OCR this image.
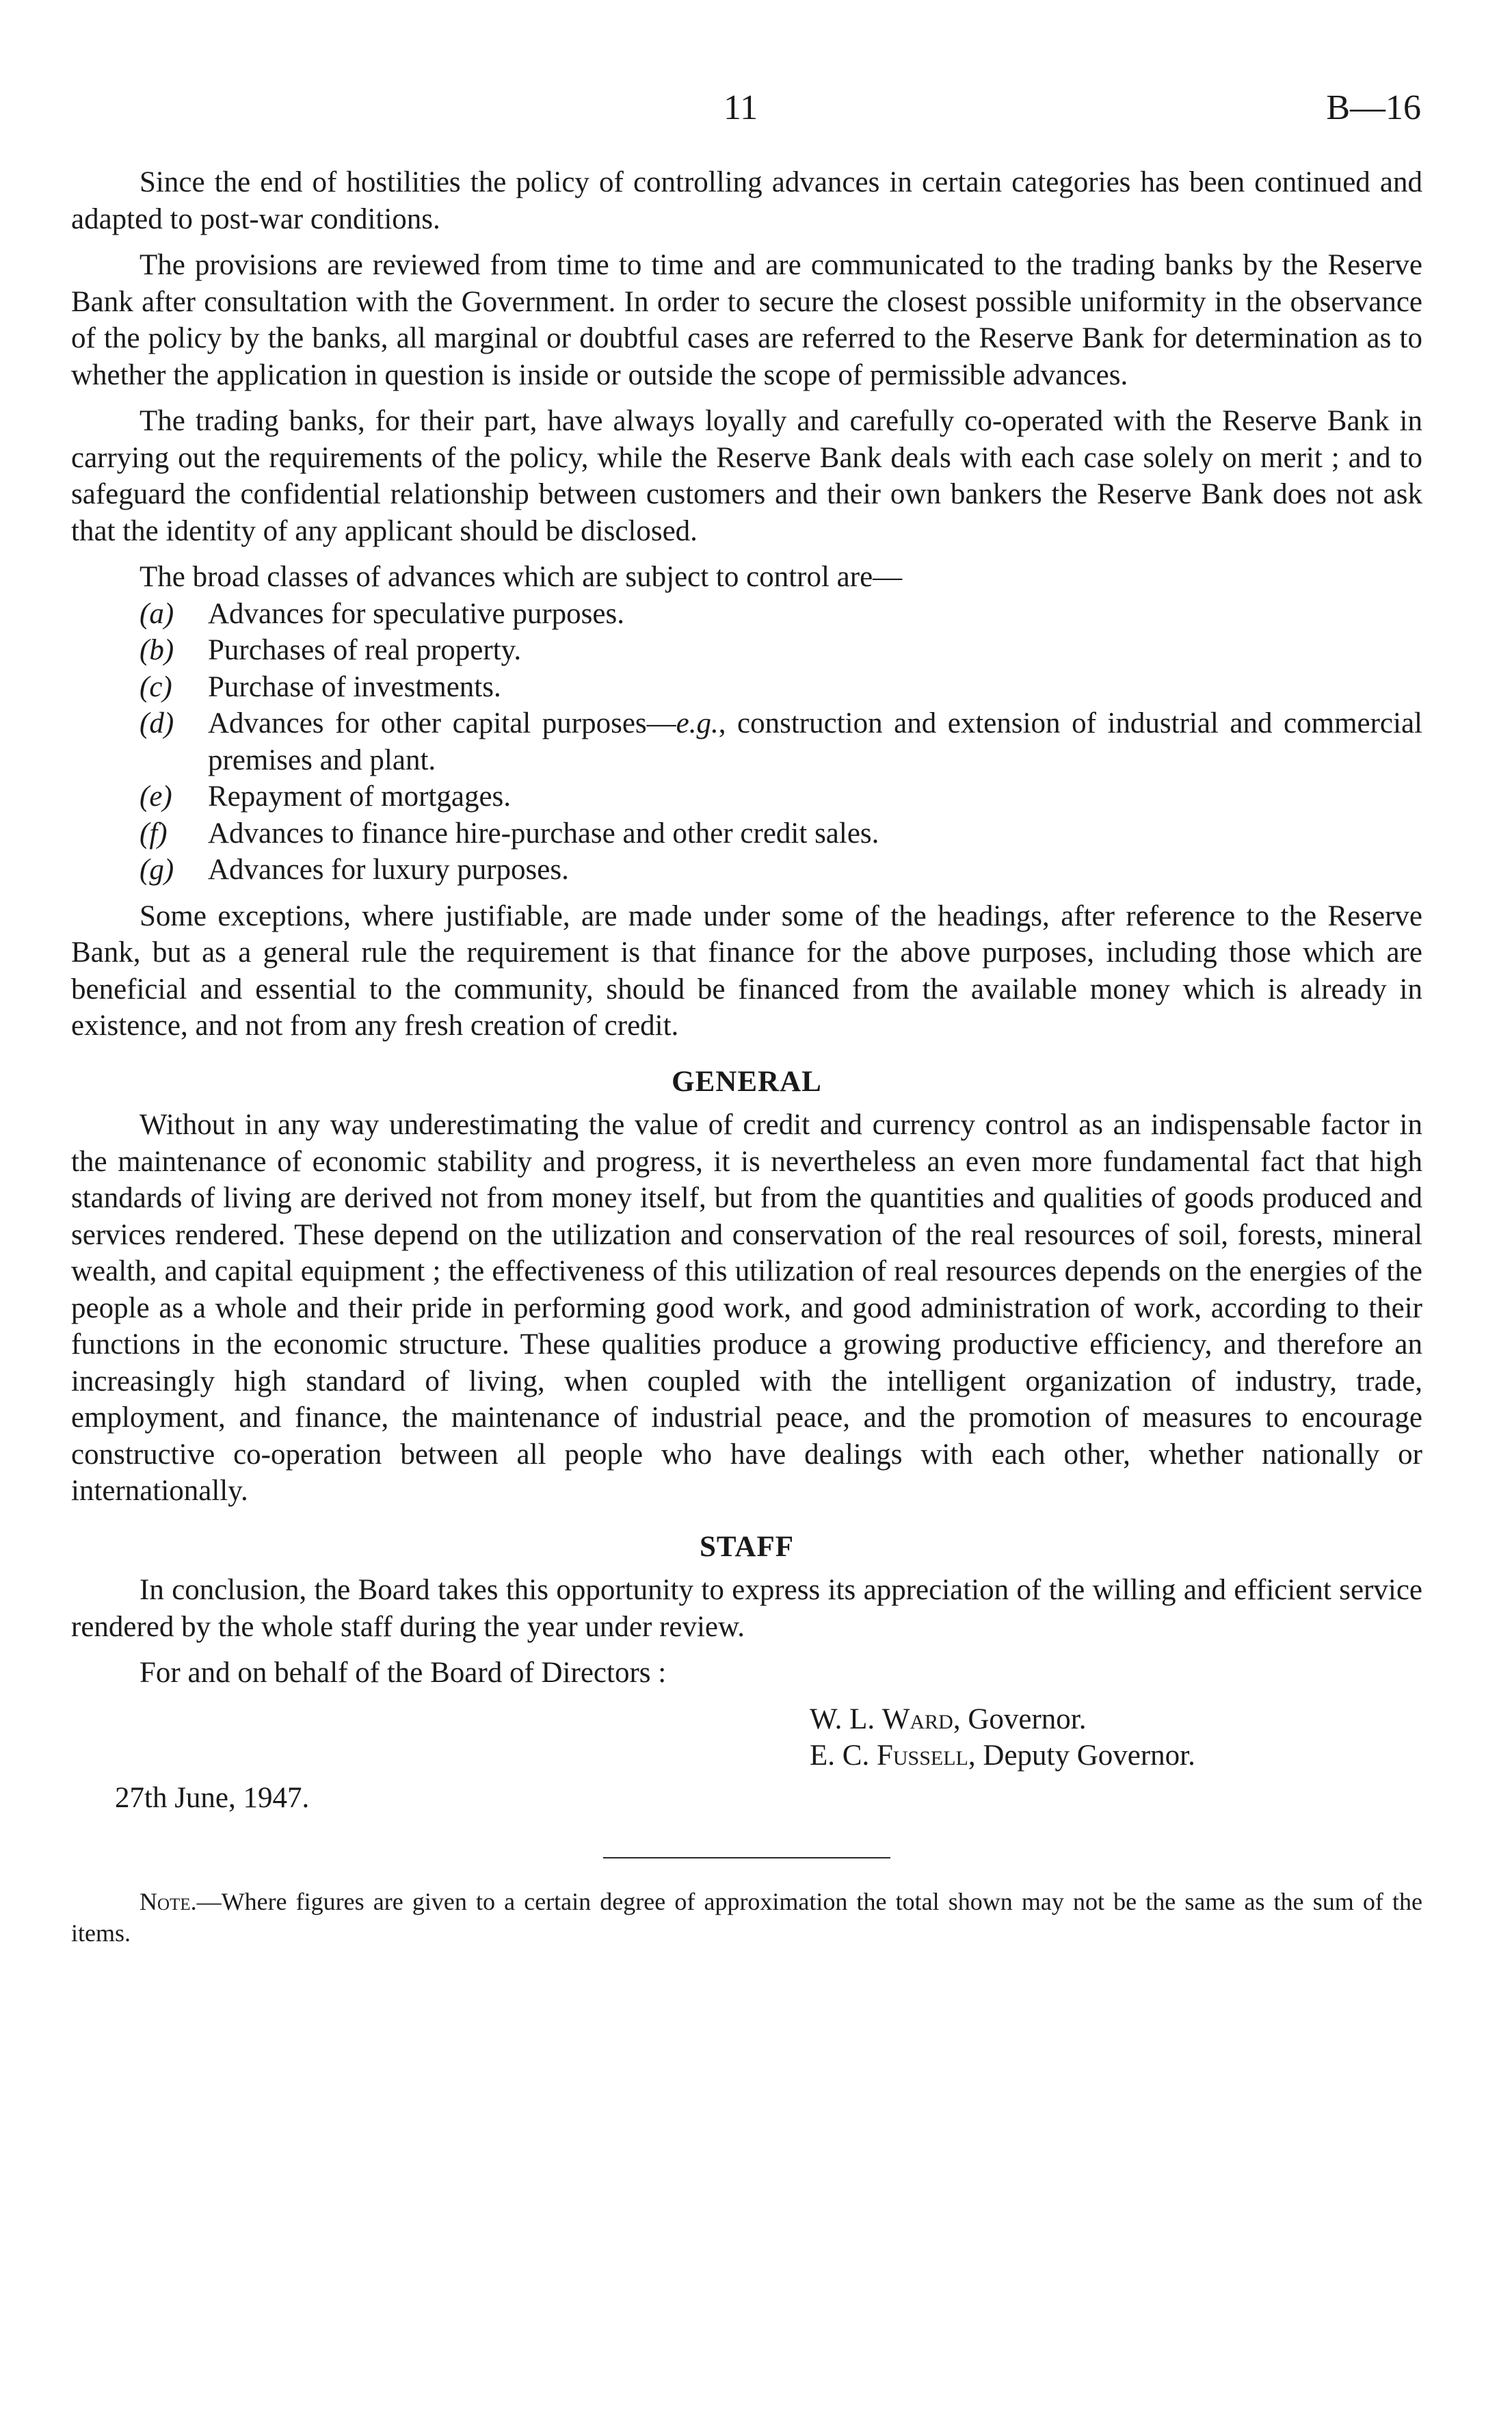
11	B—16

Since the end of hostilities the policy of controlling advances in certain categories has been continued and adapted to post-war conditions.

The provisions are reviewed from time to time and are communicated to the trading banks by the Reserve Bank after consultation with the Government. In order to secure the closest possible uniformity in the observance of the policy by the banks, all marginal or doubtful cases are referred to the Reserve Bank for determination as to whether the application in question is inside or outside the scope of permissible advances.

The trading banks, for their part, have always loyally and carefully co-operated with the Reserve Bank in carrying out the requirements of the policy, while the Reserve Bank deals with each case solely on merit ; and to safeguard the confidential relationship between customers and their own bankers the Reserve Bank does not ask that the identity of any applicant should be disclosed.

The broad classes of advances which are subject to control are—

(a)	Advances for speculative purposes.
(b)	Purchases of real property.
(c)	Purchase of investments.
(d)	Advances for other capital purposes—e.g., construction and extension of industrial and commercial premises and plant.
(e)	Repayment of mortgages.
(f)	Advances to finance hire-purchase and other credit sales.
(g)	Advances for luxury purposes.

Some exceptions, where justifiable, are made under some of the headings, after reference to the Reserve Bank, but as a general rule the requirement is that finance for the above purposes, including those which are beneficial and essential to the community, should be financed from the available money which is already in existence, and not from any fresh creation of credit.

GENERAL

Without in any way underestimating the value of credit and currency control as an indispensable factor in the maintenance of economic stability and progress, it is nevertheless an even more fundamental fact that high standards of living are derived not from money itself, but from the quantities and qualities of goods produced and services rendered. These depend on the utilization and conservation of the real resources of soil, forests, mineral wealth, and capital equipment ; the effectiveness of this utilization of real resources depends on the energies of the people as a whole and their pride in performing good work, and good administration of work, according to their functions in the economic structure. These qualities produce a growing productive efficiency, and therefore an increasingly high standard of living, when coupled with the intelligent organization of industry, trade, employment, and finance, the maintenance of industrial peace, and the promotion of measures to encourage constructive co-operation between all people who have dealings with each other, whether nationally or internationally.

STAFF

In conclusion, the Board takes this opportunity to express its appreciation of the willing and efficient service rendered by the whole staff during the year under review.

For and on behalf of the Board of Directors :

W. L. Ward, Governor.
E. C. Fussell, Deputy Governor.
27th June, 1947.

Note.—Where figures are given to a certain degree of approximation the total shown may not be the same as the sum of the items.
